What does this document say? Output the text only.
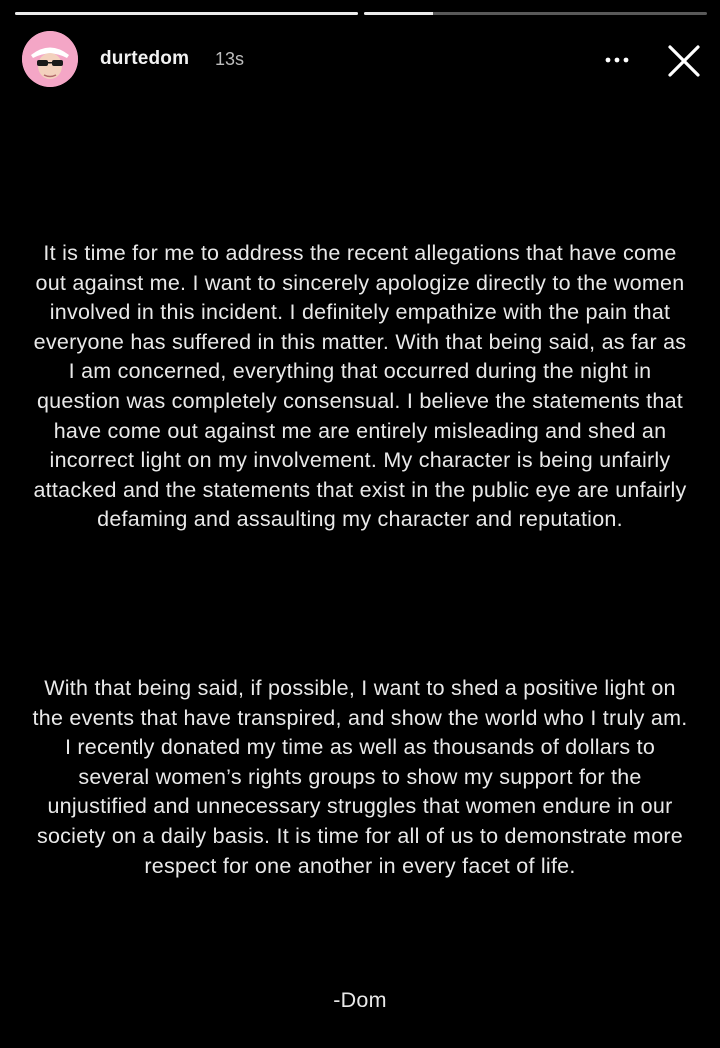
durtedom 13s
It is time for me to address the recent allegations that have come out against me. I want to sincerely apologize directly to the women involved in this incident. I definitely empathize with the pain that everyone has suffered in this matter. With that being said, as far as I am concerned, everything that occurred during the night in question was completely consensual. I believe the statements that have come out against me are entirely misleading and shed an incorrect light on my involvement. My character is being unfairly attacked and the statements that exist in the public eye are unfairly defaming and assaulting my character and reputation.
With that being said, if possible, I want to shed a positive light on the events that have transpired, and show the world who I truly am. I recently donated my time as well as thousands of dollars to several women’s rights groups to show my support for the unjustified and unnecessary struggles that women endure in our society on a daily basis. It is time for all of us to demonstrate more respect for one another in every facet of life.
-Dom
